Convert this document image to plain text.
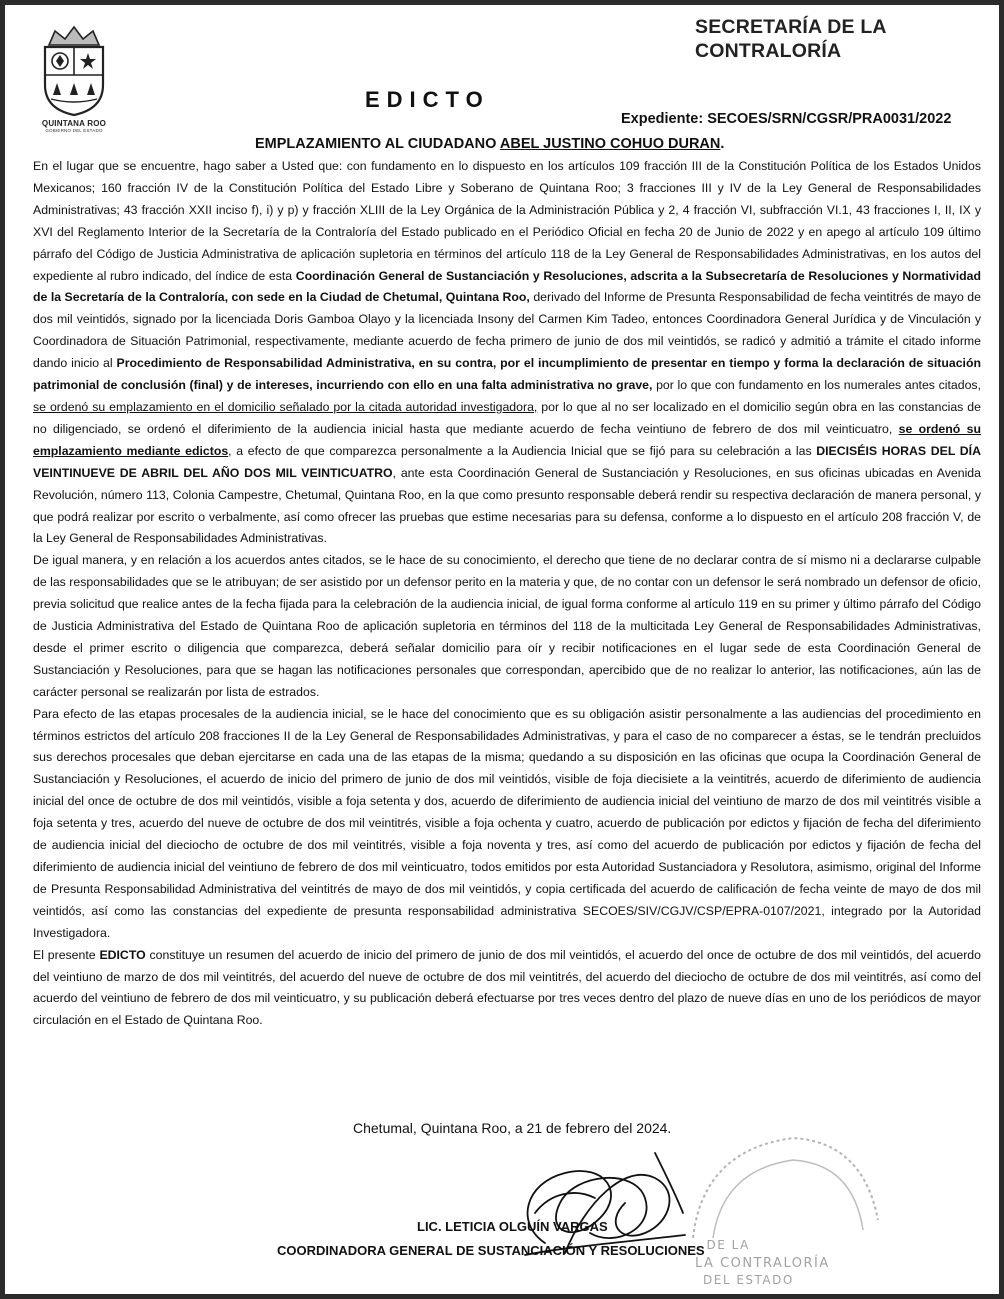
QUINTANA ROO
GOBIERNO DEL ESTADO
SECRETARÍA DE LA
CONTRALORÍA
EDICTO
Expediente: SECOES/SRN/CGSR/PRA0031/2022
EMPLAZAMIENTO AL CIUDADANO ABEL JUSTINO COHUO DURAN.

En el lugar que se encuentre, hago saber a Usted que: con fundamento en lo dispuesto en los artículos 109 fracción III de la Constitución Política de los Estados Unidos Mexicanos; 160 fracción IV de la Constitución Política del Estado Libre y Soberano de Quintana Roo; 3 fracciones III y IV de la Ley General de Responsabilidades Administrativas; 43 fracción XXII inciso f), i) y p) y fracción XLIII de la Ley Orgánica de la Administración Pública y 2, 4 fracción VI, subfracción VI.1, 43 fracciones I, II, IX y XVI del Reglamento Interior de la Secretaría de la Contraloría del Estado publicado en el Periódico Oficial en fecha 20 de Junio de 2022 y en apego al artículo 109 último párrafo del Código de Justicia Administrativa de aplicación supletoria en términos del artículo 118 de la Ley General de Responsabilidades Administrativas, en los autos del expediente al rubro indicado, del índice de esta Coordinación General de Sustanciación y Resoluciones, adscrita a la Subsecretaría de Resoluciones y Normatividad de la Secretaría de la Contraloría, con sede en la Ciudad de Chetumal, Quintana Roo, derivado del Informe de Presunta Responsabilidad de fecha veintitrés de mayo de dos mil veintidós, signado por la licenciada Doris Gamboa Olayo y la licenciada Insony del Carmen Kim Tadeo, entonces Coordinadora General Jurídica y de Vinculación y Coordinadora de Situación Patrimonial, respectivamente, mediante acuerdo de fecha primero de junio de dos mil veintidós, se radicó y admitió a trámite el citado informe dando inicio al Procedimiento de Responsabilidad Administrativa, en su contra, por el incumplimiento de presentar en tiempo y forma la declaración de situación patrimonial de conclusión (final) y de intereses, incurriendo con ello en una falta administrativa no grave, por lo que con fundamento en los numerales antes citados, se ordenó su emplazamiento en el domicilio señalado por la citada autoridad investigadora, por lo que al no ser localizado en el domicilio según obra en las constancias de no diligenciado, se ordenó el diferimiento de la audiencia inicial hasta que mediante acuerdo de fecha veintiuno de febrero de dos mil veinticuatro, se ordenó su emplazamiento mediante edictos, a efecto de que comparezca personalmente a la Audiencia Inicial que se fijó para su celebración a las DIECISÉIS HORAS DEL DÍA VEINTINUEVE DE ABRIL DEL AÑO DOS MIL VEINTICUATRO, ante esta Coordinación General de Sustanciación y Resoluciones, en sus oficinas ubicadas en Avenida Revolución, número 113, Colonia Campestre, Chetumal, Quintana Roo, en la que como presunto responsable deberá rendir su respectiva declaración de manera personal, y que podrá realizar por escrito o verbalmente, así como ofrecer las pruebas que estime necesarias para su defensa, conforme a lo dispuesto en el artículo 208 fracción V, de la Ley General de Responsabilidades Administrativas.

De igual manera, y en relación a los acuerdos antes citados, se le hace de su conocimiento, el derecho que tiene de no declarar contra de sí mismo ni a declararse culpable de las responsabilidades que se le atribuyan; de ser asistido por un defensor perito en la materia y que, de no contar con un defensor le será nombrado un defensor de oficio, previa solicitud que realice antes de la fecha fijada para la celebración de la audiencia inicial, de igual forma conforme al artículo 119 en su primer y último párrafo del Código de Justicia Administrativa del Estado de Quintana Roo de aplicación supletoria en términos del 118 de la multicitada Ley General de Responsabilidades Administrativas, desde el primer escrito o diligencia que comparezca, deberá señalar domicilio para oír y recibir notificaciones en el lugar sede de esta Coordinación General de Sustanciación y Resoluciones, para que se hagan las notificaciones personales que correspondan, apercibido que de no realizar lo anterior, las notificaciones, aún las de carácter personal se realizarán por lista de estrados.

Para efecto de las etapas procesales de la audiencia inicial, se le hace del conocimiento que es su obligación asistir personalmente a las audiencias del procedimiento en términos estrictos del artículo 208 fracciones II de la Ley General de Responsabilidades Administrativas, y para el caso de no comparecer a éstas, se le tendrán precluidos sus derechos procesales que deban ejercitarse en cada una de las etapas de la misma; quedando a su disposición en las oficinas que ocupa la Coordinación General de Sustanciación y Resoluciones, el acuerdo de inicio del primero de junio de dos mil veintidós, visible de foja diecisiete a la veintitrés, acuerdo de diferimiento de audiencia inicial del once de octubre de dos mil veintidós, visible a foja setenta y dos, acuerdo de diferimiento de audiencia inicial del veintiuno de marzo de dos mil veintitrés visible a foja setenta y tres, acuerdo del nueve de octubre de dos mil veintitrés, visible a foja ochenta y cuatro, acuerdo de publicación por edictos y fijación de fecha del diferimiento de audiencia inicial del dieciocho de octubre de dos mil veintitrés, visible a foja noventa y tres, así como del acuerdo de publicación por edictos y fijación de fecha del diferimiento de audiencia inicial del veintiuno de febrero de dos mil veinticuatro, todos emitidos por esta Autoridad Sustanciadora y Resolutora, asimismo, original del Informe de Presunta Responsabilidad Administrativa del veintitrés de mayo de dos mil veintidós, y copia certificada del acuerdo de calificación de fecha veinte de mayo de dos mil veintidós, así como las constancias del expediente de presunta responsabilidad administrativa SECOES/SIV/CGJV/CSP/EPRA-0107/2021, integrado por la Autoridad Investigadora.

El presente EDICTO constituye un resumen del acuerdo de inicio del primero de junio de dos mil veintidós, el acuerdo del once de octubre de dos mil veintidós, del acuerdo del veintiuno de marzo de dos mil veintitrés, del acuerdo del nueve de octubre de dos mil veintitrés, del acuerdo del dieciocho de octubre de dos mil veintitrés, así como del acuerdo del veintiuno de febrero de dos mil veinticuatro, y su publicación deberá efectuarse por tres veces dentro del plazo de nueve días en uno de los periódicos de mayor circulación en el Estado de Quintana Roo.

Chetumal, Quintana Roo, a 21 de febrero del 2024.
…DE LA
LA CONTRALORÍA
DEL ESTADO
LIC. LETICIA OLGUÍN VARGAS
COORDINADORA GENERAL DE SUSTANCIACIÓN Y RESOLUCIONES
